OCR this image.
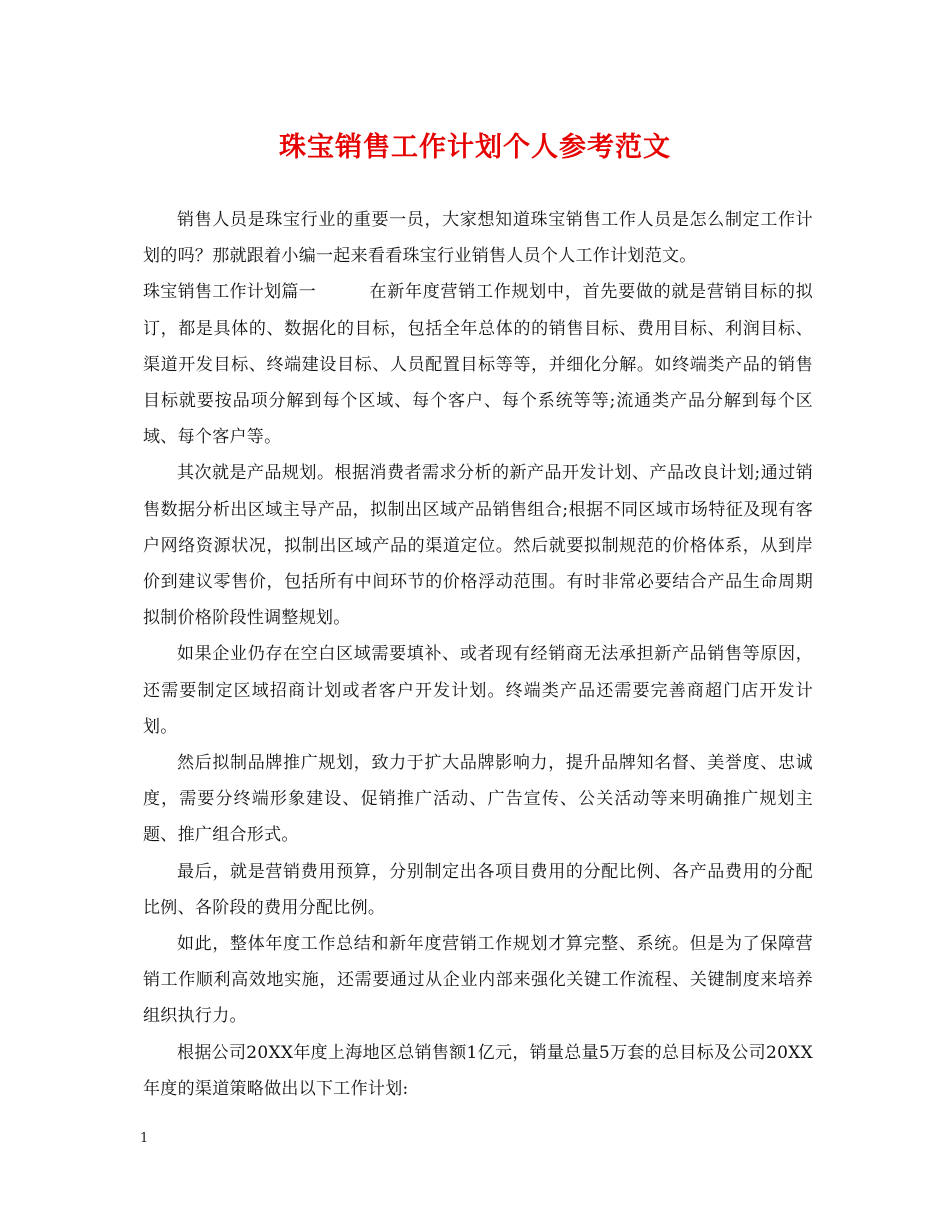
珠宝销售工作计划个人参考范文

销售人员是珠宝行业的重要一员，大家想知道珠宝销售工作人员是怎么制定工作计划的吗？那就跟着小编一起来看看珠宝行业销售人员个人工作计划范文。

珠宝销售工作计划篇一	在新年度营销工作规划中，首先要做的就是营销目标的拟订，都是具体的、数据化的目标，包括全年总体的的销售目标、费用目标、利润目标、渠道开发目标、终端建设目标、人员配置目标等等，并细化分解。如终端类产品的销售目标就要按品项分解到每个区域、每个客户、每个系统等等;流通类产品分解到每个区域、每个客户等。

其次就是产品规划。根据消费者需求分析的新产品开发计划、产品改良计划;通过销售数据分析出区域主导产品，拟制出区域产品销售组合;根据不同区域市场特征及现有客户网络资源状况，拟制出区域产品的渠道定位。然后就要拟制规范的价格体系，从到岸价到建议零售价，包括所有中间环节的价格浮动范围。有时非常必要结合产品生命周期拟制价格阶段性调整规划。

如果企业仍存在空白区域需要填补、或者现有经销商无法承担新产品销售等原因，还需要制定区域招商计划或者客户开发计划。终端类产品还需要完善商超门店开发计划。

然后拟制品牌推广规划，致力于扩大品牌影响力，提升品牌知名督、美誉度、忠诚度，需要分终端形象建设、促销推广活动、广告宣传、公关活动等来明确推广规划主题、推广组合形式。

最后，就是营销费用预算，分别制定出各项目费用的分配比例、各产品费用的分配比例、各阶段的费用分配比例。

如此，整体年度工作总结和新年度营销工作规划才算完整、系统。但是为了保障营销工作顺利高效地实施，还需要通过从企业内部来强化关键工作流程、关键制度来培养组织执行力。

根据公司20XX年度上海地区总销售额1亿元，销量总量5万套的总目标及公司20XX年度的渠道策略做出以下工作计划:

1
